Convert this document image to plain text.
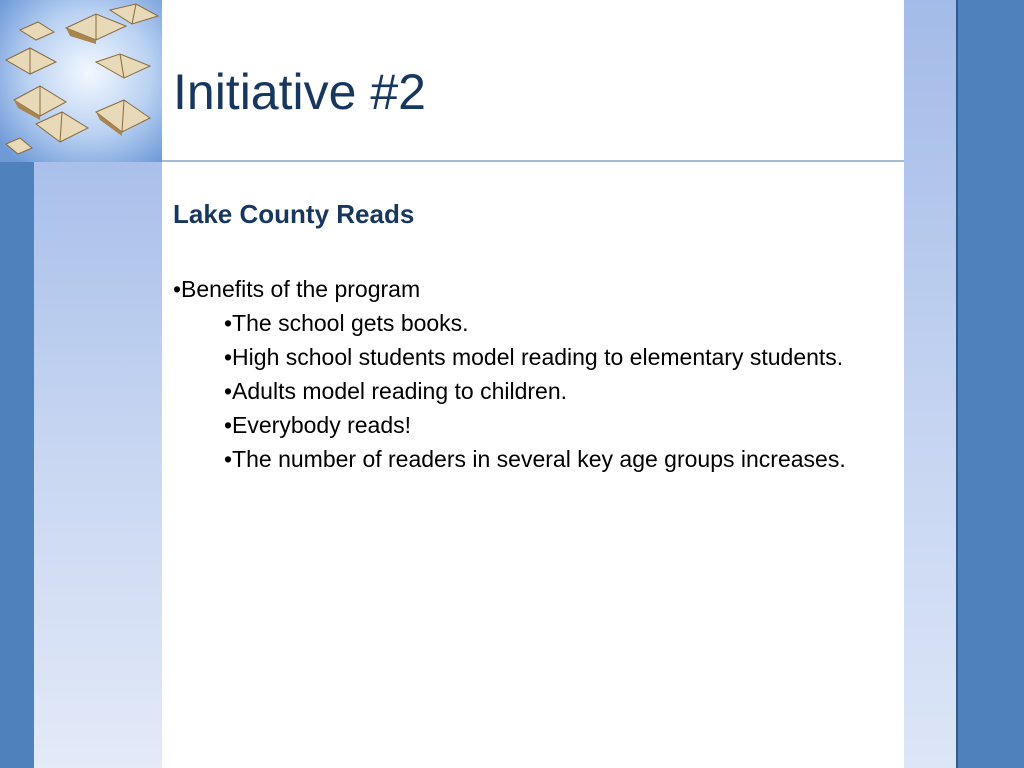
Initiative #2

Lake County Reads

•Benefits of the program

•The school gets books.
•High school students model reading to elementary students.
•Adults model reading to children.
•Everybody reads!
•The number of readers in several key age groups increases.
